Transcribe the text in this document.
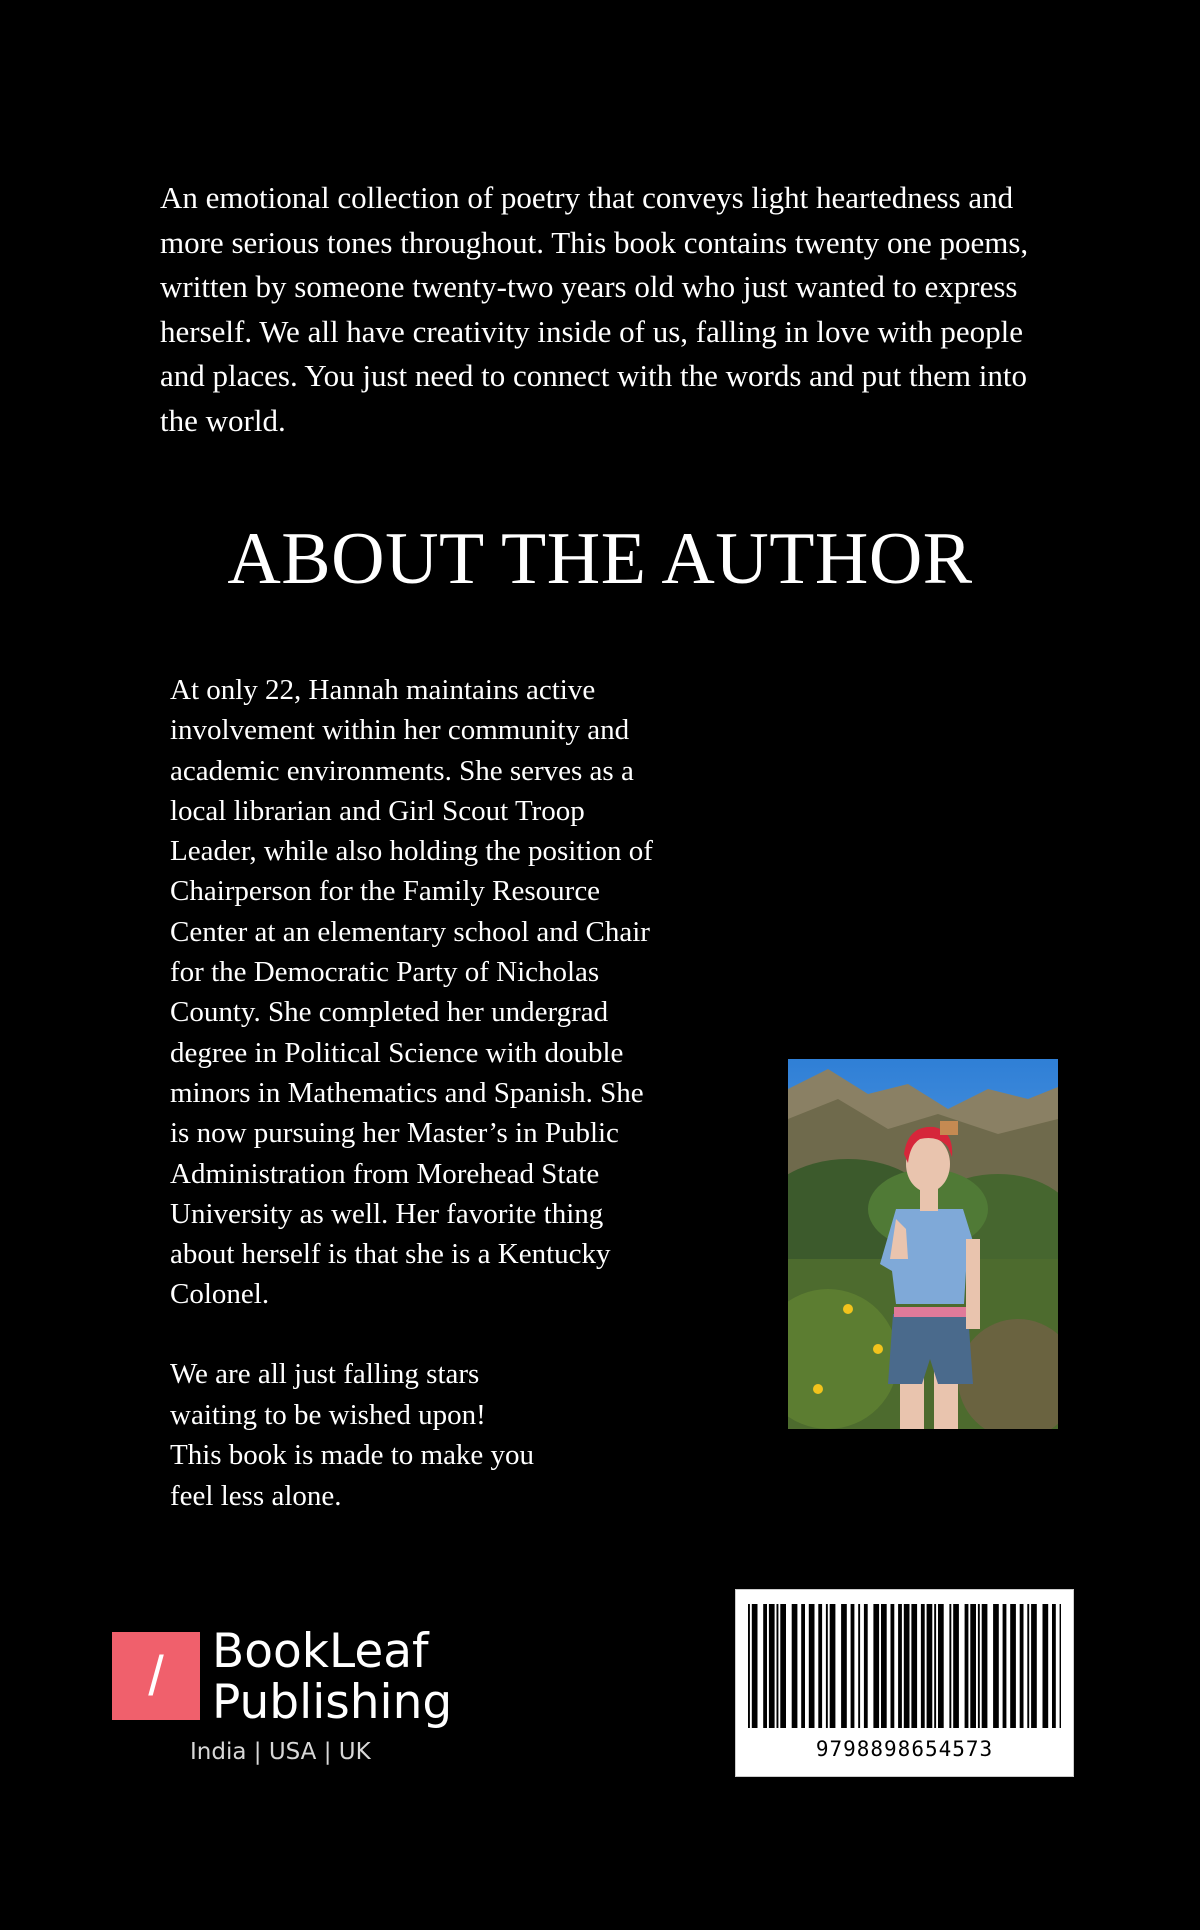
An emotional collection of poetry that conveys light heartedness and more serious tones throughout. This book contains twenty one poems, written by someone twenty-two years old who just wanted to express herself. We all have creativity inside of us, falling in love with people and places. You just need to connect with the words and put them into the world.

ABOUT THE AUTHOR

At only 22, Hannah maintains active
involvement within her community and
academic environments. She serves as a
local librarian and Girl Scout Troop
Leader, while also holding the position of
Chairperson for the Family Resource
Center at an elementary school and Chair
for the Democratic Party of Nicholas
County. She completed her undergrad
degree in Political Science with double
minors in Mathematics and Spanish. She
is now pursuing her Master’s in Public
Administration from Morehead State
University as well. Her favorite thing
about herself is that she is a Kentucky
Colonel.

We are all just falling stars
waiting to be wished upon!
This book is made to make you
feel less alone.

/	BookLeaf
Publishing
India | USA | UK	9798898654573
